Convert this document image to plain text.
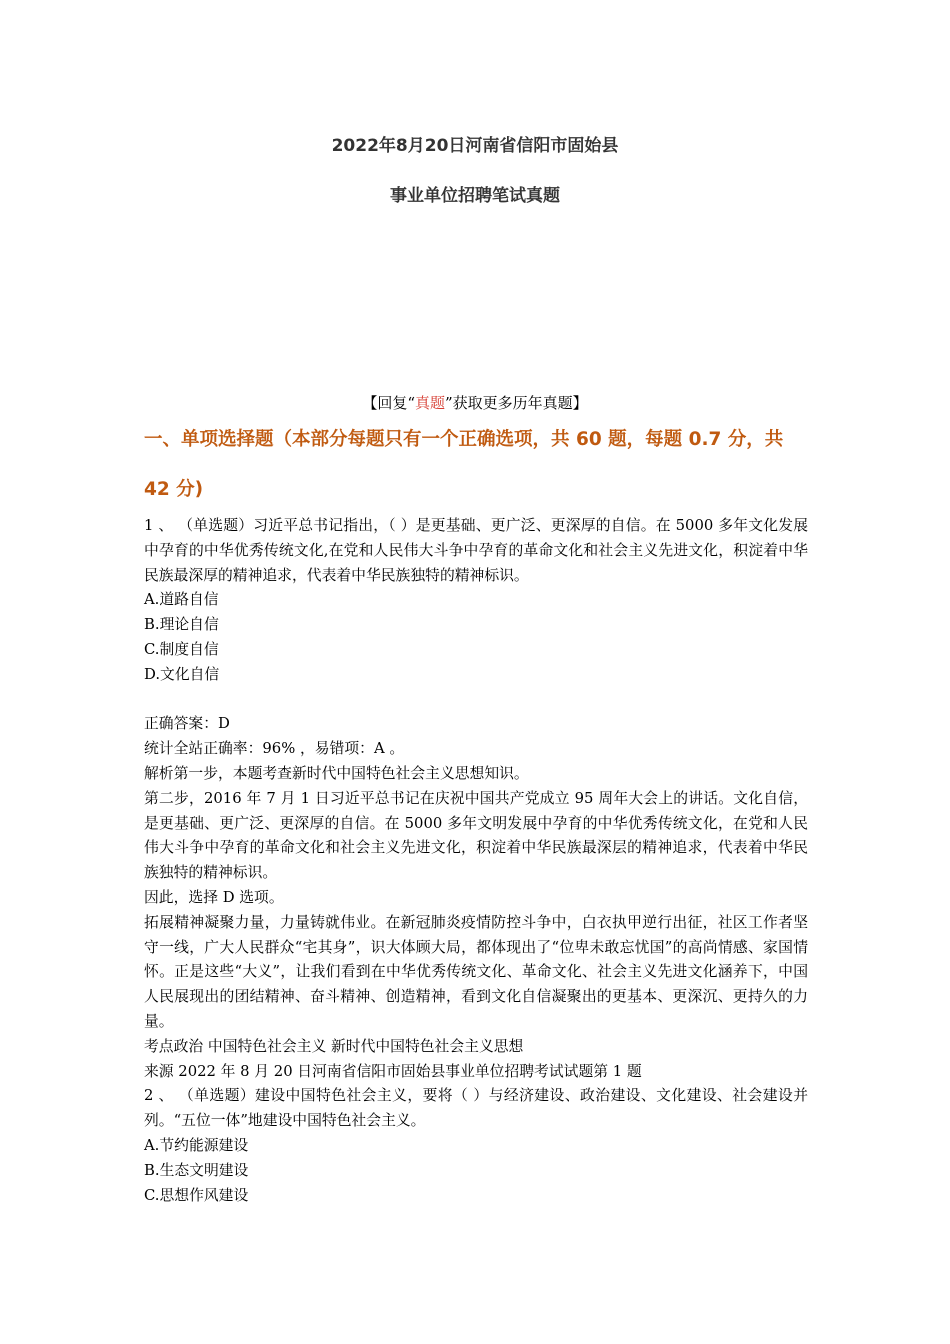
2022年8月20日河南省信阳市固始县
事业单位招聘笔试真题
【回复“真题”获取更多历年真题】
一、单项选择题（本部分每题只有一个正确选项，共 60 题，每题 0.7 分，共
42 分)

1 、 （单选题）习近平总书记指出，（ ）是更基础、更广泛、更深厚的自信。在 5000 多年文化发展中孕育的中华优秀传统文化,在党和人民伟大斗争中孕育的革命文化和社会主义先进文化，积淀着中华民族最深厚的精神追求，代表着中华民族独特的精神标识。

A.道路自信

B.理论自信

C.制度自信

D.文化自信

正确答案：D

统计全站正确率：96% ，易错项：A 。

解析第一步，本题考查新时代中国特色社会主义思想知识。

第二步，2016 年 7 月 1 日习近平总书记在庆祝中国共产党成立 95 周年大会上的讲话。文化自信，是更基础、更广泛、更深厚的自信。在 5000 多年文明发展中孕育的中华优秀传统文化，在党和人民伟大斗争中孕育的革命文化和社会主义先进文化，积淀着中华民族最深层的精神追求，代表着中华民族独特的精神标识。

因此，选择 D 选项。

拓展精神凝聚力量，力量铸就伟业。在新冠肺炎疫情防控斗争中，白衣执甲逆行出征，社区工作者坚守一线，广大人民群众“宅其身”，识大体顾大局，都体现出了“位卑未敢忘忧国”的高尚情感、家国情怀。正是这些“大义”，让我们看到在中华优秀传统文化、革命文化、社会主义先进文化涵养下，中国人民展现出的团结精神、奋斗精神、创造精神，看到文化自信凝聚出的更基本、更深沉、更持久的力量。

考点政治 中国特色社会主义 新时代中国特色社会主义思想

来源 2022 年 8 月 20 日河南省信阳市固始县事业单位招聘考试试题第 1 题

2 、 （单选题）建设中国特色社会主义，要将（ ）与经济建设、政治建设、文化建设、社会建设并列。“五位一体”地建设中国特色社会主义。

A.节约能源建设

B.生态文明建设

C.思想作风建设
